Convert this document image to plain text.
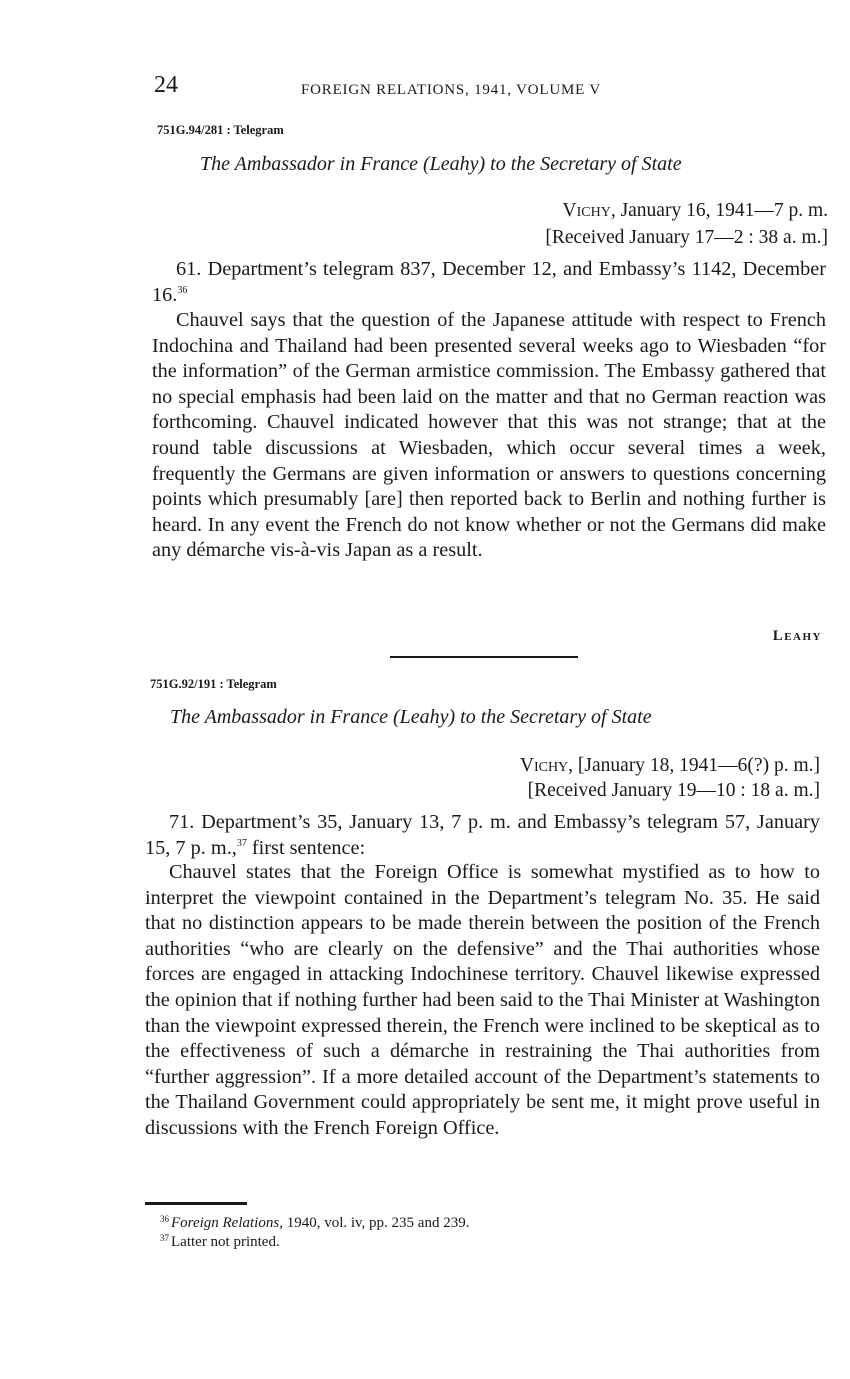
24	FOREIGN RELATIONS, 1941, VOLUME V
751G.94/281 : Telegram
The Ambassador in France (Leahy) to the Secretary of State
Vichy, January 16, 1941—7 p. m.
[Received January 17—2 : 38 a. m.]

61. Department’s telegram 837, December 12, and Embassy’s 1142, December 16.36

Chauvel says that the question of the Japanese attitude with respect to French Indochina and Thailand had been presented several weeks ago to Wiesbaden “for the information” of the German armistice commission. The Embassy gathered that no special emphasis had been laid on the matter and that no German reaction was forthcoming. Chauvel indicated however that this was not strange; that at the round table discussions at Wiesbaden, which occur several times a week, frequently the Germans are given information or answers to questions concerning points which presumably [are] then reported back to Berlin and nothing further is heard. In any event the French do not know whether or not the Germans did make any démarche vis-à-vis Japan as a result.

Leahy
751G.92/191 : Telegram
The Ambassador in France (Leahy) to the Secretary of State
Vichy, [January 18, 1941—6(?) p. m.]
[Received January 19—10 : 18 a. m.]

71. Department’s 35, January 13, 7 p. m. and Embassy’s telegram 57, January 15, 7 p. m.,$^{37}$ first sentence:

Chauvel states that the Foreign Office is somewhat mystified as to how to interpret the viewpoint contained in the Department’s telegram No. 35. He said that no distinction appears to be made therein between the position of the French authorities “who are clearly on the defensive” and the Thai authorities whose forces are engaged in attacking Indochinese territory. Chauvel likewise expressed the opinion that if nothing further had been said to the Thai Minister at Washington than the viewpoint expressed therein, the French were inclined to be skeptical as to the effectiveness of such a démarche in restraining the Thai authorities from “further aggression”. If a more detailed account of the Department’s statements to the Thailand Government could appropriately be sent me, it might prove useful in discussions with the French Foreign Office.

$^{36}$ Foreign Relations, 1940, vol. iv, pp. 235 and 239.
$^{37}$ Latter not printed.
